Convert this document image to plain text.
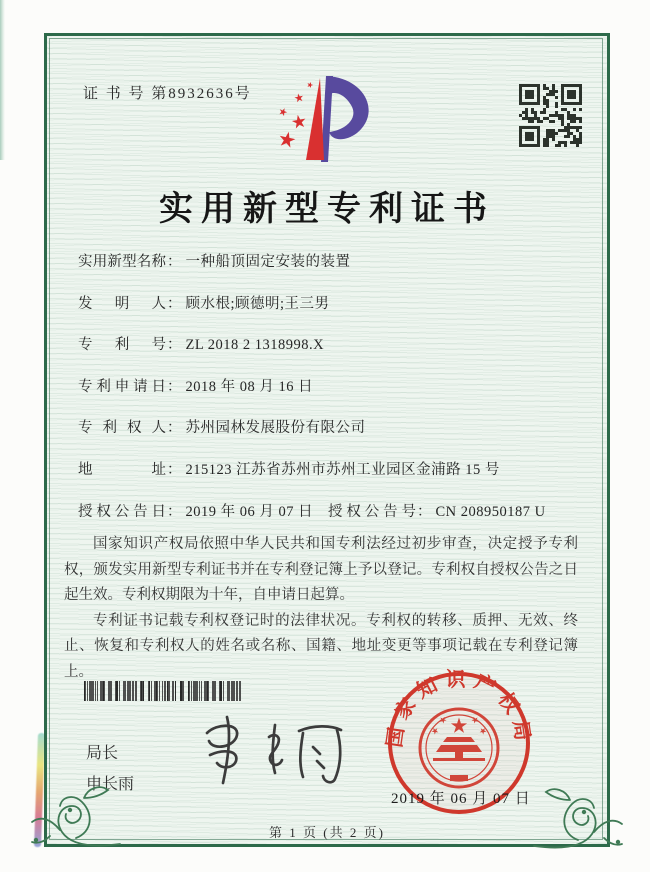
证 书 号 第8932636号
实用新型专利证书
实用新型名称： 一种船顶固定安装的装置
发明人： 顾水根;顾德明;王三男
专利号： ZL 2018 2 1318998.X
专利申请日： 2018 年 08 月 16 日
专利权人： 苏州园林发展股份有限公司
地址： 215123 江苏省苏州市苏州工业园区金浦路 15 号
授权公告日： 2019 年 06 月 07 日 授权公告号： CN 208950187 U

国家知识产权局依照中华人民共和国专利法经过初步审查，决定授予专利权，颁发实用新型专利证书并在专利登记簿上予以登记。专利权自授权公告之日起生效。专利权期限为十年，自申请日起算。

专利证书记载专利权登记时的法律状况。专利权的转移、质押、无效、终止、恢复和专利权人的姓名或名称、国籍、地址变更等事项记载在专利登记簿上。

局长
申长雨
国家知识产权局
2019 年 06 月 07 日
第 1 页 (共 2 页)
